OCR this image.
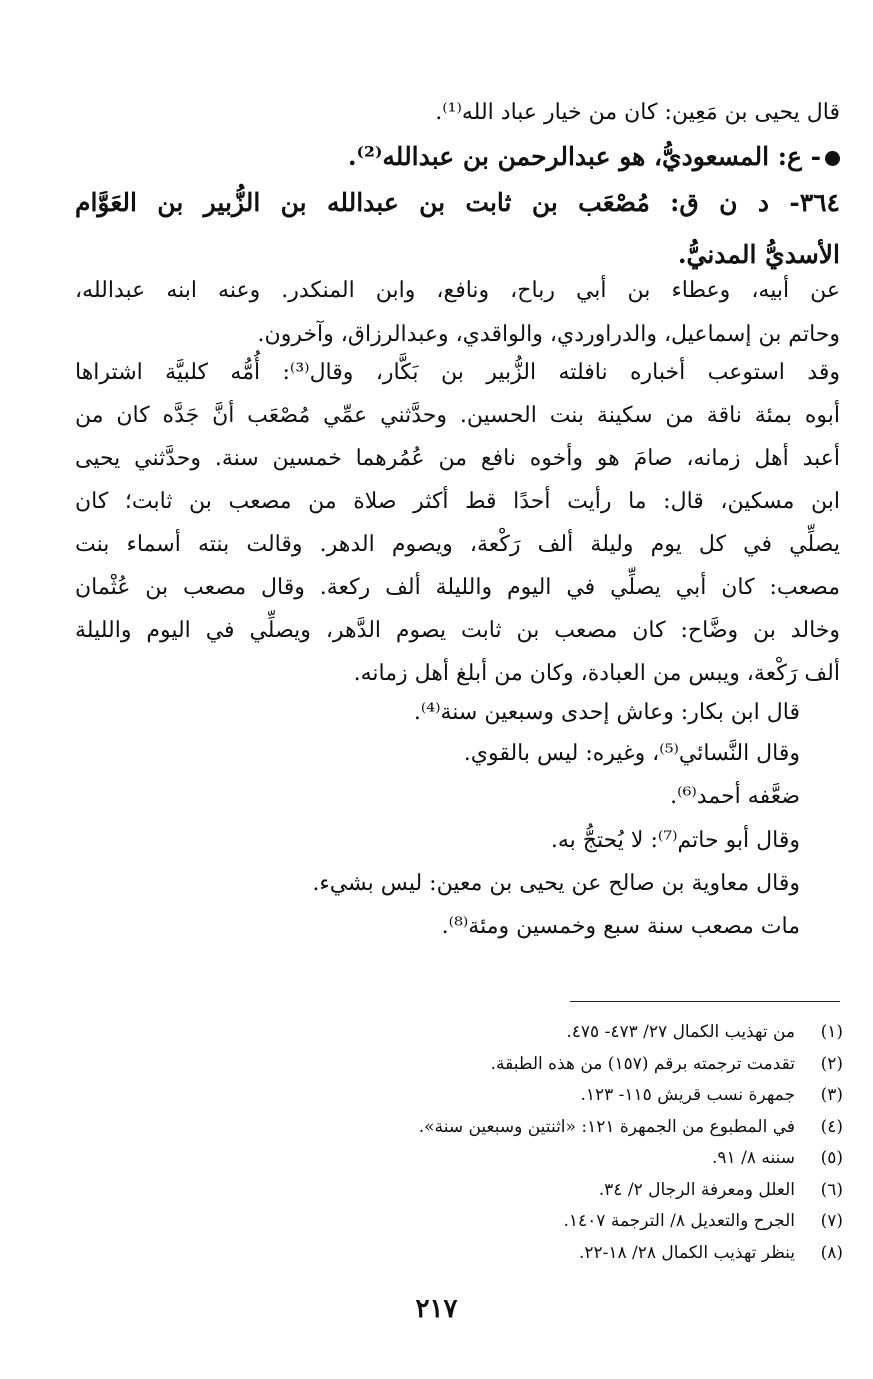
قال يحيى بن مَعِين: كان من خيار عباد الله⁽¹⁾.
- ع: المسعوديُّ، هو عبدالرحمن بن عبدالله⁽²⁾.
٣٦٤- د ن ق: مُصْعَب بن ثابت بن عبدالله بن الزُّبير بن العَوَّام
الأسديُّ المدنيُّ.
عن أبيه، وعطاء بن أبي رباح، ونافع، وابن المنكدر. وعنه ابنه عبدالله،
وحاتم بن إسماعيل، والدراوردي، والواقدي، وعبدالرزاق، وآخرون.
وقد استوعب أخباره نافلته الزُّبير بن بَكَّار، وقال⁽³⁾: أُمُّه كلبيَّة اشتراها
أبوه بمئة ناقة من سكينة بنت الحسين. وحدَّثني عمِّي مُصْعَب أنَّ جَدَّه كان من
أعبد أهل زمانه، صامَ هو وأخوه نافع من عُمُرهما خمسين سنة. وحدَّثني يحيى
ابن مسكين، قال: ما رأيت أحدًا قط أكثر صلاة من مصعب بن ثابت؛ كان
يصلِّي في كل يوم وليلة ألف رَكْعة، ويصوم الدهر. وقالت بنته أسماء بنت
مصعب: كان أبي يصلِّي في اليوم والليلة ألف ركعة. وقال مصعب بن عُثْمان
وخالد بن وضَّاح: كان مصعب بن ثابت يصوم الدَّهر، ويصلِّي في اليوم والليلة
ألف رَكْعة، ويبس من العبادة، وكان من أبلغ أهل زمانه.
قال ابن بكار: وعاش إحدى وسبعين سنة⁽⁴⁾.
وقال النَّسائي⁽⁵⁾، وغيره: ليس بالقوي.
ضعَّفه أحمد⁽⁶⁾.
وقال أبو حاتم⁽⁷⁾: لا يُحتجُّ به.
وقال معاوية بن صالح عن يحيى بن معين: ليس بشيء.
مات مصعب سنة سبع وخمسين ومئة⁽⁸⁾.
(١)من تهذيب الكمال ٢٧/ ٤٧٣- ٤٧٥.
(٢)تقدمت ترجمته برقم (١٥٧) من هذه الطبقة.
(٣)جمهرة نسب قريش ١١٥- ١٢٣.
(٤)في المطبوع من الجمهرة ١٢١: «اثنتين وسبعين سنة».
(٥)سننه ٨/ ٩١.
(٦)العلل ومعرفة الرجال ٢/ ٣٤.
(٧)الجرح والتعديل ٨/ الترجمة ١٤٠٧.
(٨)ينظر تهذيب الكمال ٢٨/ ١٨-٢٢.
٢١٧
